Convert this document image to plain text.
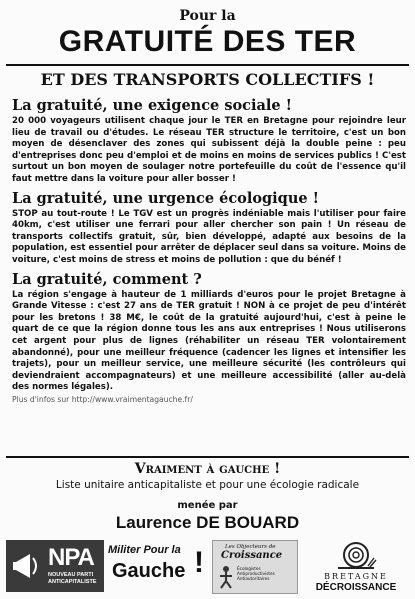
Pour la
GRATUITÉ DES TER
ET DES TRANSPORTS COLLECTIFS !
La gratuité, une exigence sociale !

20 000 voyageurs utilisent chaque jour le TER en Bretagne pour rejoindre leur lieu de travail ou d'études. Le réseau TER structure le territoire, c'est un bon moyen de désenclaver des zones qui subissent déjà la double peine : peu d'entreprises donc peu d'emploi et de moins en moins de services publics ! C'est surtout un bon moyen de soulager notre portefeuille du coût de l'essence qu'il faut mettre dans la voiture pour aller bosser !

La gratuité, une urgence écologique !

STOP au tout-route ! Le TGV est un progrès indéniable mais l'utiliser pour faire 40km, c'est utiliser une ferrari pour aller chercher son pain ! Un réseau de transports collectifs gratuit, sûr, bien développé, adapté aux besoins de la population, est essentiel pour arrêter de déplacer seul dans sa voiture. Moins de voiture, c'est moins de stress et moins de pollution : que du bénéf !

La gratuité, comment ?

La région s'engage à hauteur de 1 milliards d'euros pour le projet Bretagne à Grande Vitesse : c'est 27 ans de TER gratuit ! NON à ce projet de peu d'intérêt pour les bretons ! 38 M€, le coût de la gratuité aujourd'hui, c'est à peine le quart de ce que la région donne tous les ans aux entreprises ! Nous utiliserons cet argent pour plus de lignes (réhabiliter un réseau TER volontairement abandonné), pour une meilleur fréquence (cadencer les lignes et intensifier les trajets), pour un meilleur service, une meilleure sécurité (les contrôleurs qui deviendraient accompagnateurs) et une meilleure accessibilité (aller au-delà des normes légales).

Plus d'infos sur http://www.vraimentagauche.fr/

Vraiment à gauche !
Liste unitaire anticapitaliste et pour une écologie radicale
menée par
Laurence DE BOUARD
NPA
NOUVEAU PARTI
ANTICAPITALISTE
Militer Pour la
Gauche !	Les Objecteurs de
Croissance
Écologistes Antiproductivistes Antiautoritaires	BRETAGNE
DÉCROISSANCE
